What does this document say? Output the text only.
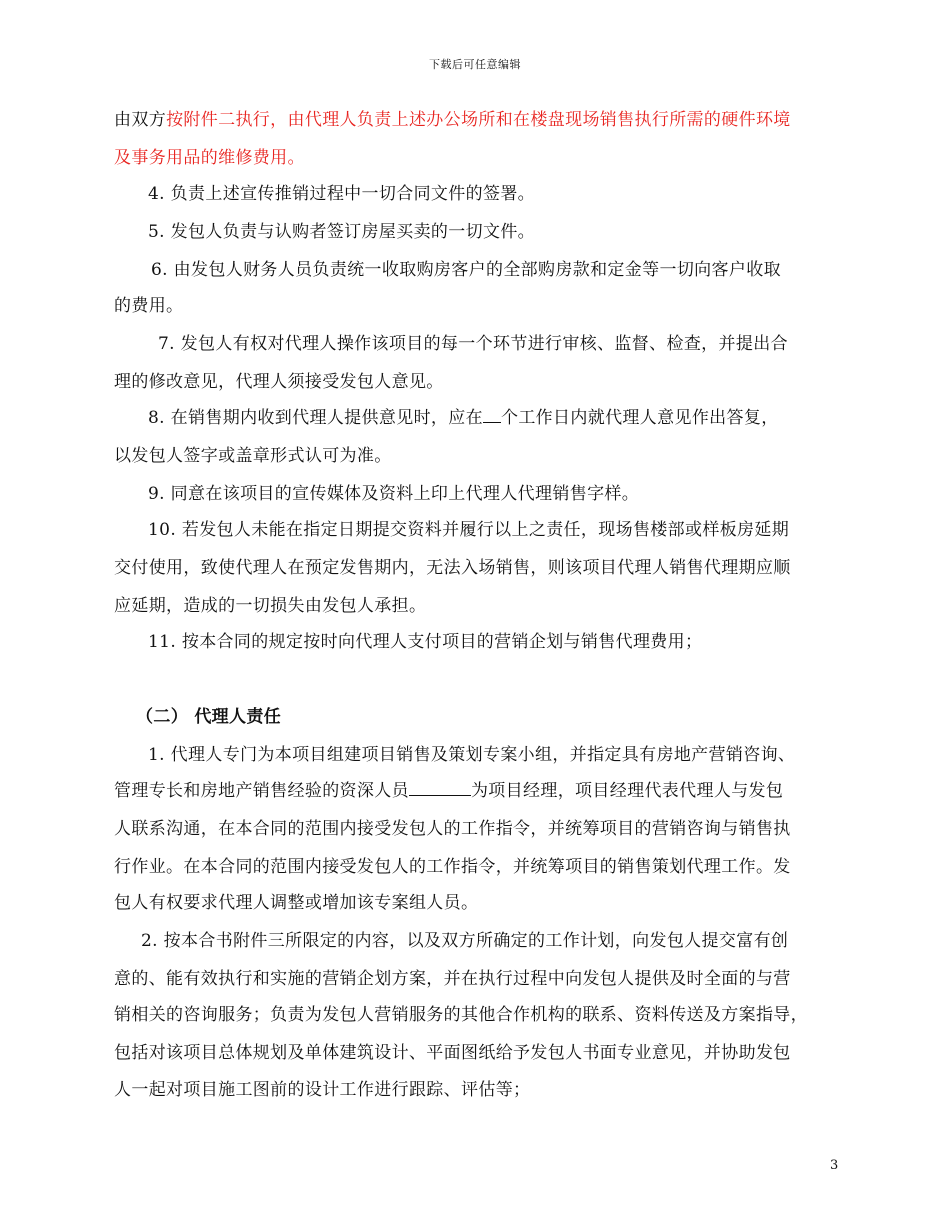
下载后可任意编辑
由双方按附件二执行，由代理人负责上述办公场所和在楼盘现场销售执行所需的硬件环境
及事务用品的维修费用。
4. 负责上述宣传推销过程中一切合同文件的签署。
5. 发包人负责与认购者签订房屋买卖的一切文件。
6. 由发包人财务人员负责统一收取购房客户的全部购房款和定金等一切向客户收取
的费用。
7. 发包人有权对代理人操作该项目的每一个环节进行审核、监督、检查，并提出合
理的修改意见，代理人须接受发包人意见。
8. 在销售期内收到代理人提供意见时，应在 个工作日内就代理人意见作出答复，
以发包人签字或盖章形式认可为准。
9. 同意在该项目的宣传媒体及资料上印上代理人代理销售字样。
10. 若发包人未能在指定日期提交资料并履行以上之责任，现场售楼部或样板房延期
交付使用，致使代理人在预定发售期内，无法入场销售，则该项目代理人销售代理期应顺
应延期，造成的一切损失由发包人承担。
11. 按本合同的规定按时向代理人支付项目的营销企划与销售代理费用；
（二） 代理人责任
1. 代理人专门为本项目组建项目销售及策划专案小组，并指定具有房地产营销咨询、
管理专长和房地产销售经验的资深人员	为项目经理，项目经理代表代理人与发包
人联系沟通，在本合同的范围内接受发包人的工作指令，并统筹项目的营销咨询与销售执
行作业。在本合同的范围内接受发包人的工作指令，并统筹项目的销售策划代理工作。发
包人有权要求代理人调整或增加该专案组人员。
2. 按本合书附件三所限定的内容，以及双方所确定的工作计划，向发包人提交富有创
意的、能有效执行和实施的营销企划方案，并在执行过程中向发包人提供及时全面的与营
销相关的咨询服务；负责为发包人营销服务的其他合作机构的联系、资料传送及方案指导，
包括对该项目总体规划及单体建筑设计、平面图纸给予发包人书面专业意见，并协助发包
人一起对项目施工图前的设计工作进行跟踪、评估等；
3
